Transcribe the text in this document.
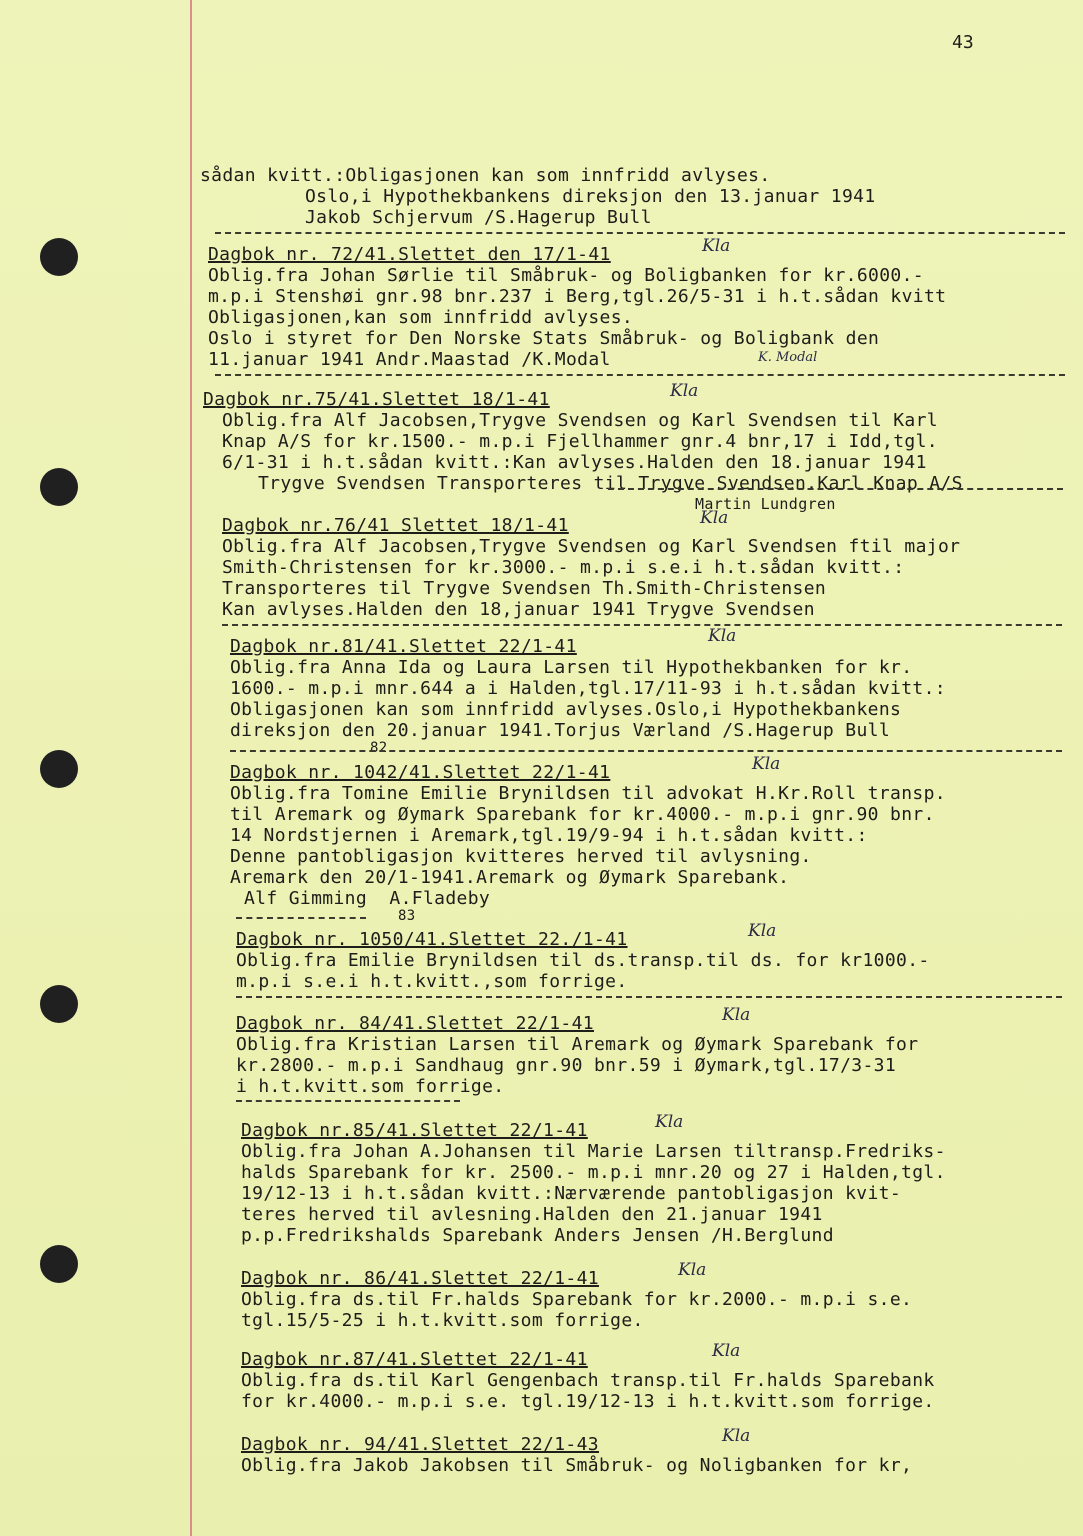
43
sådan kvitt.:Obligasjonen kan som innfridd avlyses.
Oslo,i Hypothekbankens direksjon den 13.januar 1941
Jakob Schjervum /S.Hagerup Bull
Dagbok nr. 72/41.Slettet den 17/1-41	Kla
Oblig.fra Johan Sørlie til Småbruk- og Boligbanken for kr.6000.-
m.p.i Stenshøi gnr.98 bnr.237 i Berg,tgl.26/5-31 i h.t.sådan kvitt
Obligasjonen,kan som innfridd avlyses.
Oslo i styret for Den Norske Stats Småbruk- og Boligbank den
11.januar 1941 Andr.Maastad /K.Modal	K. Modal
Dagbok nr.75/41.Slettet 18/1-41	Kla
Oblig.fra Alf Jacobsen,Trygve Svendsen og Karl Svendsen til Karl
Knap A/S for kr.1500.- m.p.i Fjellhammer gnr.4 bnr,17 i Idd,tgl.
6/1-31 i h.t.sådan kvitt.:Kan avlyses.Halden den 18.januar 1941
Trygve Svendsen Transporteres til Trygve Svendsen.Karl Knap A/S
Martin Lundgren
Dagbok nr.76/41 Slettet 18/1-41	Kla
Oblig.fra Alf Jacobsen,Trygve Svendsen og Karl Svendsen ftil major
Smith-Christensen for kr.3000.- m.p.i s.e.i h.t.sådan kvitt.:
Transporteres til Trygve Svendsen Th.Smith-Christensen
Kan avlyses.Halden den 18,januar 1941 Trygve Svendsen
Dagbok nr.81/41.Slettet 22/1-41	Kla
Oblig.fra Anna Ida og Laura Larsen til Hypothekbanken for kr.
1600.- m.p.i mnr.644 a i Halden,tgl.17/11-93 i h.t.sådan kvitt.:
Obligasjonen kan som innfridd avlyses.Oslo,i Hypothekbankens
direksjon den 20.januar 1941.Torjus Værland /S.Hagerup Bull
82
Dagbok nr. 1042/41.Slettet 22/1-41	Kla
Oblig.fra Tomine Emilie Brynildsen til advokat H.Kr.Roll transp.
til Aremark og Øymark Sparebank for kr.4000.- m.p.i gnr.90 bnr.
14 Nordstjernen i Aremark,tgl.19/9-94 i h.t.sådan kvitt.:
Denne pantobligasjon kvitteres herved til avlysning.
Aremark den 20/1-1941.Aremark og Øymark Sparebank.
Alf Gimming  A.Fladeby
83
Dagbok nr. 1050/41.Slettet 22./1-41	Kla
Oblig.fra Emilie Brynildsen til ds.transp.til ds. for kr1000.-
m.p.i s.e.i h.t.kvitt.,som forrige.
Dagbok nr. 84/41.Slettet 22/1-41	Kla
Oblig.fra Kristian Larsen til Aremark og Øymark Sparebank for
kr.2800.- m.p.i Sandhaug gnr.90 bnr.59 i Øymark,tgl.17/3-31
i h.t.kvitt.som forrige.
Dagbok nr.85/41.Slettet 22/1-41	Kla
Oblig.fra Johan A.Johansen til Marie Larsen tiltransp.Fredriks-
halds Sparebank for kr. 2500.- m.p.i mnr.20 og 27 i Halden,tgl.
19/12-13 i h.t.sådan kvitt.:Nærværende pantobligasjon kvit-
teres herved til avlesning.Halden den 21.januar 1941
p.p.Fredrikshalds Sparebank Anders Jensen /H.Berglund
Dagbok nr. 86/41.Slettet 22/1-41	Kla
Oblig.fra ds.til Fr.halds Sparebank for kr.2000.- m.p.i s.e.
tgl.15/5-25 i h.t.kvitt.som forrige.
Dagbok nr.87/41.Slettet 22/1-41	Kla
Oblig.fra ds.til Karl Gengenbach transp.til Fr.halds Sparebank
for kr.4000.- m.p.i s.e. tgl.19/12-13 i h.t.kvitt.som forrige.
Dagbok nr. 94/41.Slettet 22/1-43	Kla
Oblig.fra Jakob Jakobsen til Småbruk- og Noligbanken for kr,
